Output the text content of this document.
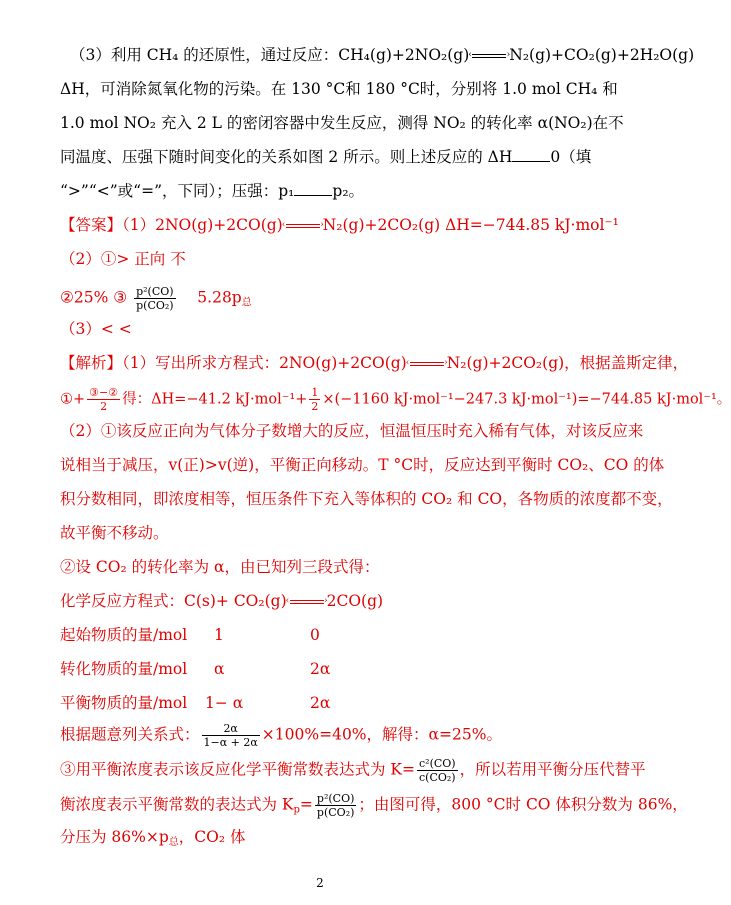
（3）利用 CH₄ 的还原性，通过反应：CH₄(g)+2NO₂(g)	›
‹ N₂(g)+CO₂(g)+2H₂O(g)
ΔH，可消除氮氧化物的污染。在 130 °C和 180 °C时，分别将 1.0 mol CH₄ 和
1.0 mol NO₂ 充入 2 L 的密闭容器中发生反应，测得 NO₂ 的转化率 α(NO₂)在不
同温度、压强下随时间变化的关系如图 2 所示。则上述反应的 ΔH 0（填
“>”“<”或“=”，下同）；压强：p₁ p₂。
【答案】（1）2NO(g)+2CO(g)	›
‹ N₂(g)+2CO₂(g) ΔH=−744.85 kJ·mol⁻¹
（2）①> 正向 不
②25% ③ $\frac{\text{p²(CO)}}{\text{p(CO₂)}} 5.28p_总$
（3）< <
【解析】（1）写出所求方程式：2NO(g)+2CO(g)	›
‹ N₂(g)+2CO₂(g)，根据盖斯定律，
①+ $\frac{\text{③−②}}{2}$ 得：ΔH=−41.2 $kJ\cdot mol^{-1}+ \frac{1}{2} \times(-1160$ kJ·mol⁻¹−247.3 kJ·mol⁻¹)=−744.85 kJ·mol⁻¹。
（2）①该反应正向为气体分子数增大的反应，恒温恒压时充入稀有气体，对该反应来
说相当于减压，v(正)>v(逆)，平衡正向移动。T °C时，反应达到平衡时 CO₂、CO 的体
积分数相同，即浓度相等，恒压条件下充入等体积的 CO₂ 和 CO，各物质的浓度都不变，
故平衡不移动。
②设 CO₂ 的转化率为 α，由已知列三段式得：
化学反应方程式：C(s)+ CO₂(g)	›
‹ 2CO(g)
起始物质的量/mol 1	0
转化物质的量/mol α	2α
平衡物质的量/mol 1− α	2α
根据题意列关系式： $\frac{2\alpha}{1-\alpha + 2\alpha} \times 100\%=40\%$，解得：α=25%。
③用平衡浓度表示该反应化学平衡常数表达式为 $K= \frac{\text{c²(CO)}}{\text{c(CO₂)}}$ ，所以若用平衡分压代替平
衡浓度表示平衡常数的表达式为 $K_p= \frac{\text{p²(CO)}}{\text{p(CO₂)}}$ ；由图可得，800 °C时 CO 体积分数为 86%，
分压为 $86\%\times p_总$，CO₂ 体
2
